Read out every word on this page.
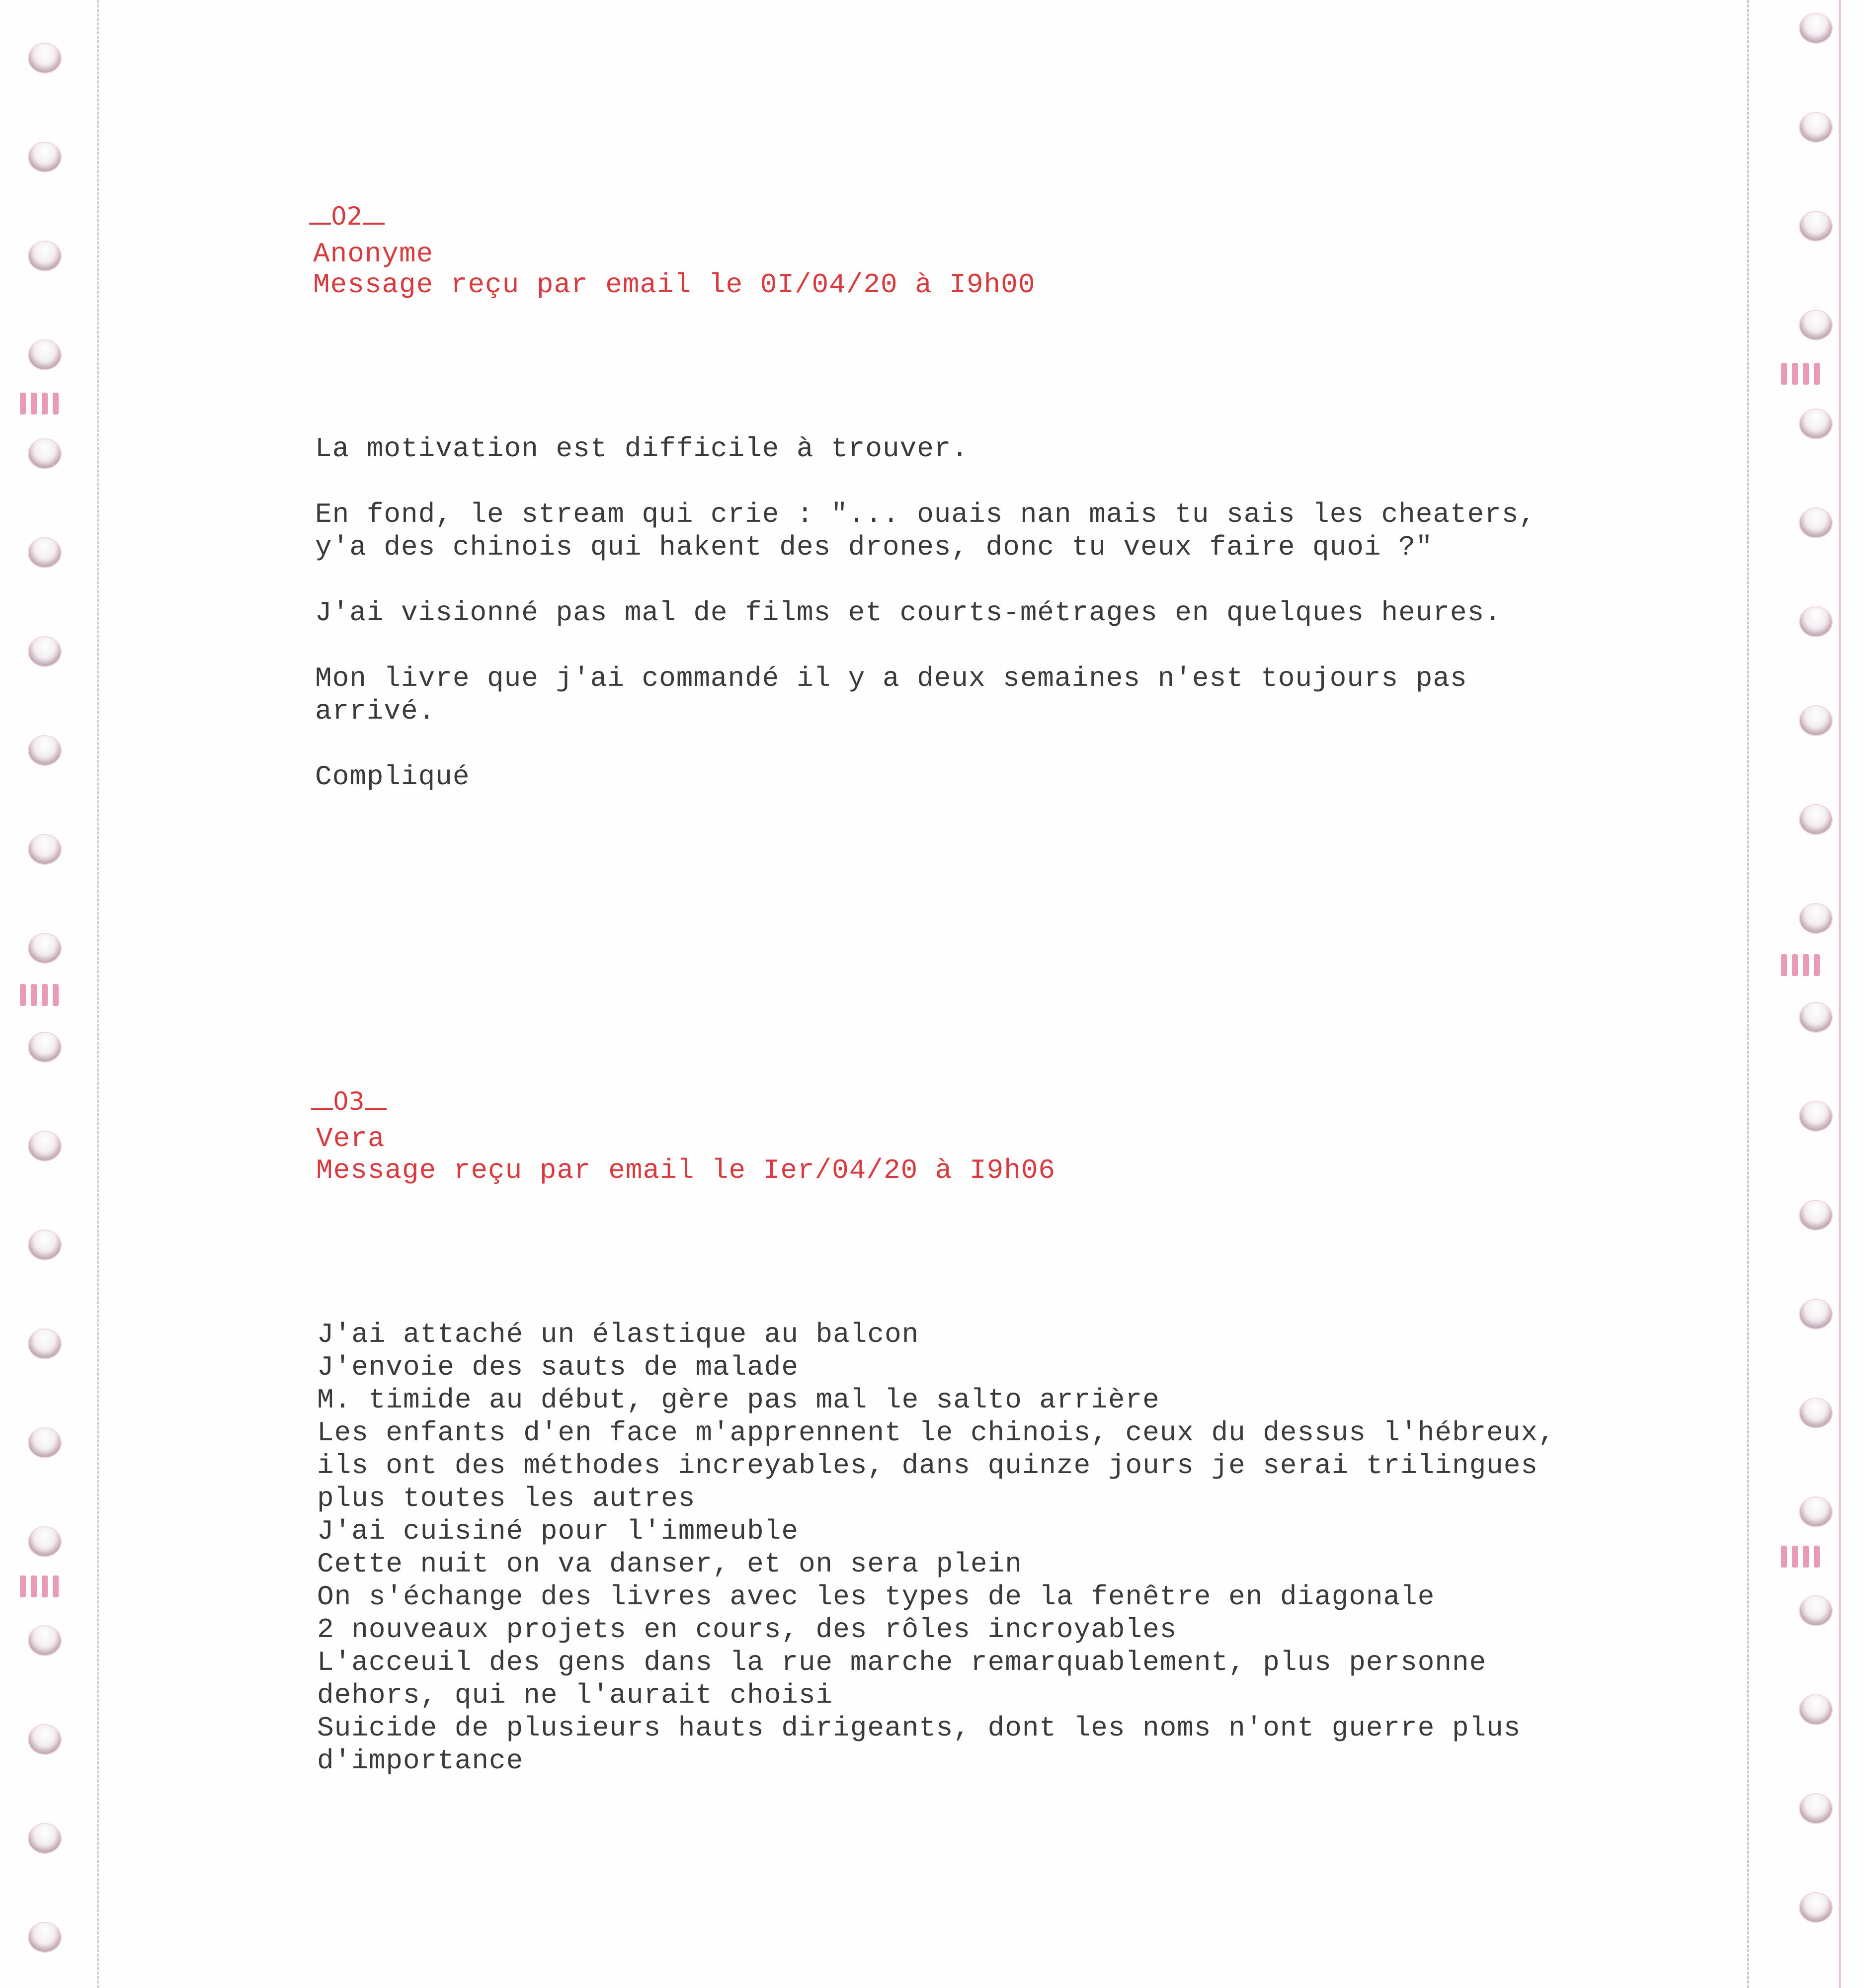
02
Anonyme
Message reçu par email le 0I/04/20 à I9h00

La motivation est difficile à trouver.

En fond, le stream qui crie : "... ouais nan mais tu sais les cheaters,

y'a des chinois qui hakent des drones, donc tu veux faire quoi ?"

J'ai visionné pas mal de films et courts-métrages en quelques heures.

Mon livre que j'ai commandé il y a deux semaines n'est toujours pas

arrivé.

Compliqué

03
Vera
Message reçu par email le Ier/04/20 à I9h06

J'ai attaché un élastique au balcon

J'envoie des sauts de malade

M. timide au début, gère pas mal le salto arrière

Les enfants d'en face m'apprennent le chinois, ceux du dessus l'hébreux,

ils ont des méthodes increyables, dans quinze jours je serai trilingues

plus toutes les autres

J'ai cuisiné pour l'immeuble

Cette nuit on va danser, et on sera plein

On s'échange des livres avec les types de la fenêtre en diagonale

2 nouveaux projets en cours, des rôles incroyables

L'acceuil des gens dans la rue marche remarquablement, plus personne

dehors, qui ne l'aurait choisi

Suicide de plusieurs hauts dirigeants, dont les noms n'ont guerre plus

d'importance
